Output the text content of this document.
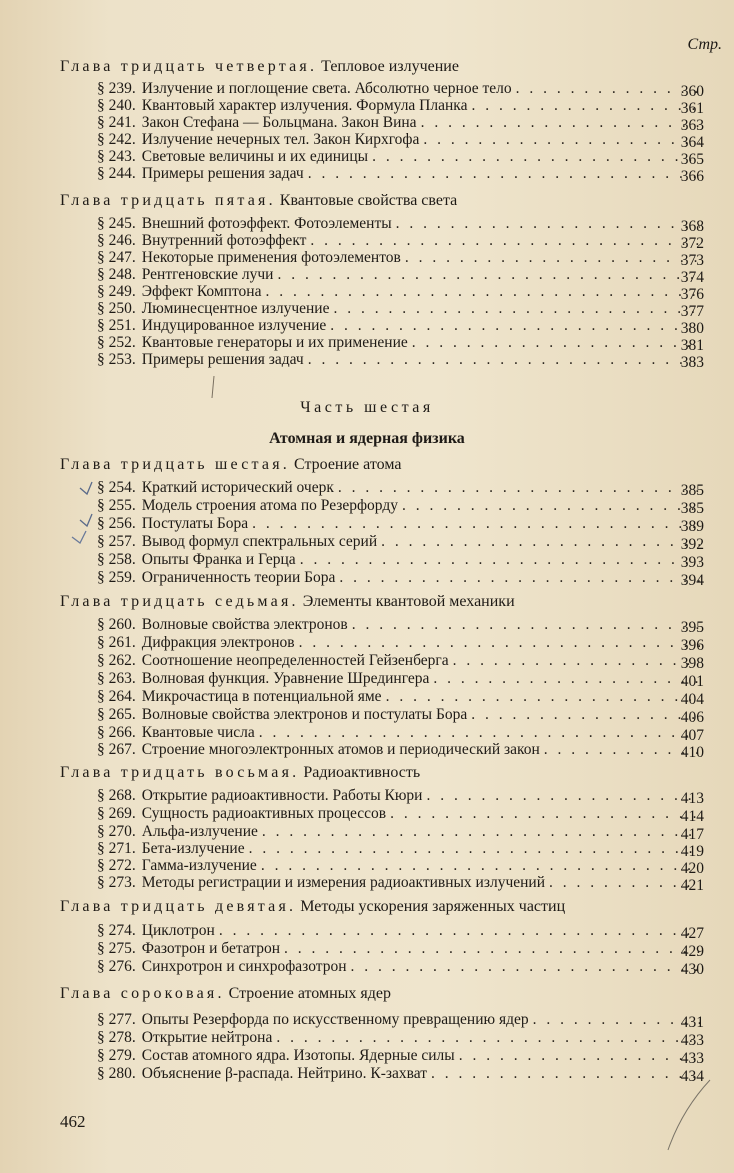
Стр.
Глава тридцать четвертая. Тепловое излучение
§ 239. Излучение и поглощение света. Абсолютно черное тело . . .	360
§ 240. Квантовый характер излучения. Формула Планка . . .	361
§ 241. Закон Стефана — Больцмана. Закон Вина . . .	363
§ 242. Излучение нечерных тел. Закон Кирхгофа . . .	364
§ 243. Световые величины и их единицы . . .	365
§ 244. Примеры решения задач . . .	366
Глава тридцать пятая. Квантовые свойства света
§ 245. Внешний фотоэффект. Фотоэлементы . . .	368
§ 246. Внутренний фотоэффект . . .	372
§ 247. Некоторые применения фотоэлементов . . .	373
§ 248. Рентгеновские лучи . . .	374
§ 249. Эффект Комптона . . .	376
§ 250. Люминесцентное излучение . . .	377
§ 251. Индуцированное излучение . . .	380
§ 252. Квантовые генераторы и их применение . . .	381
§ 253. Примеры решения задач . . .	383
Часть шестая
Атомная и ядерная физика
Глава тридцать шестая. Строение атома
§ 254. Краткий исторический очерк . . .	385
§ 255. Модель строения атома по Резерфорду . . .	385
§ 256. Постулаты Бора . . .	389
§ 257. Вывод формул спектральных серий . . .	392
§ 258. Опыты Франка и Герца . . .	393
§ 259. Ограниченность теории Бора . . .	394
Глава тридцать седьмая. Элементы квантовой механики
§ 260. Волновые свойства электронов . . .	395
§ 261. Дифракция электронов . . .	396
§ 262. Соотношение неопределенностей Гейзенберга . . .	398
§ 263. Волновая функция. Уравнение Шредингера . . .	401
§ 264. Микрочастица в потенциальной яме . . .	404
§ 265. Волновые свойства электронов и постулаты Бора . . .	406
§ 266. Квантовые числа . . .	407
§ 267. Строение многоэлектронных атомов и периодический закон . . .	410
Глава тридцать восьмая. Радиоактивность
§ 268. Открытие радиоактивности. Работы Кюри . . .	413
§ 269. Сущность радиоактивных процессов . . .	414
§ 270. Альфа-излучение . . .	417
§ 271. Бета-излучение . . .	419
§ 272. Гамма-излучение . . .	420
§ 273. Методы регистрации и измерения радиоактивных излучений . . .	421
Глава тридцать девятая. Методы ускорения заряженных частиц
§ 274. Циклотрон . . .	427
§ 275. Фазотрон и бетатрон . . .	429
§ 276. Синхротрон и синхрофазотрон . . .	430
Глава сороковая. Строение атомных ядер
§ 277. Опыты Резерфорда по искусственному превращению ядер . . .	431
§ 278. Открытие нейтрона . . .	433
§ 279. Состав атомного ядра. Изотопы. Ядерные силы . . .	433
§ 280. Объяснение β-распада. Нейтрино. К-захват . . .	434
462
